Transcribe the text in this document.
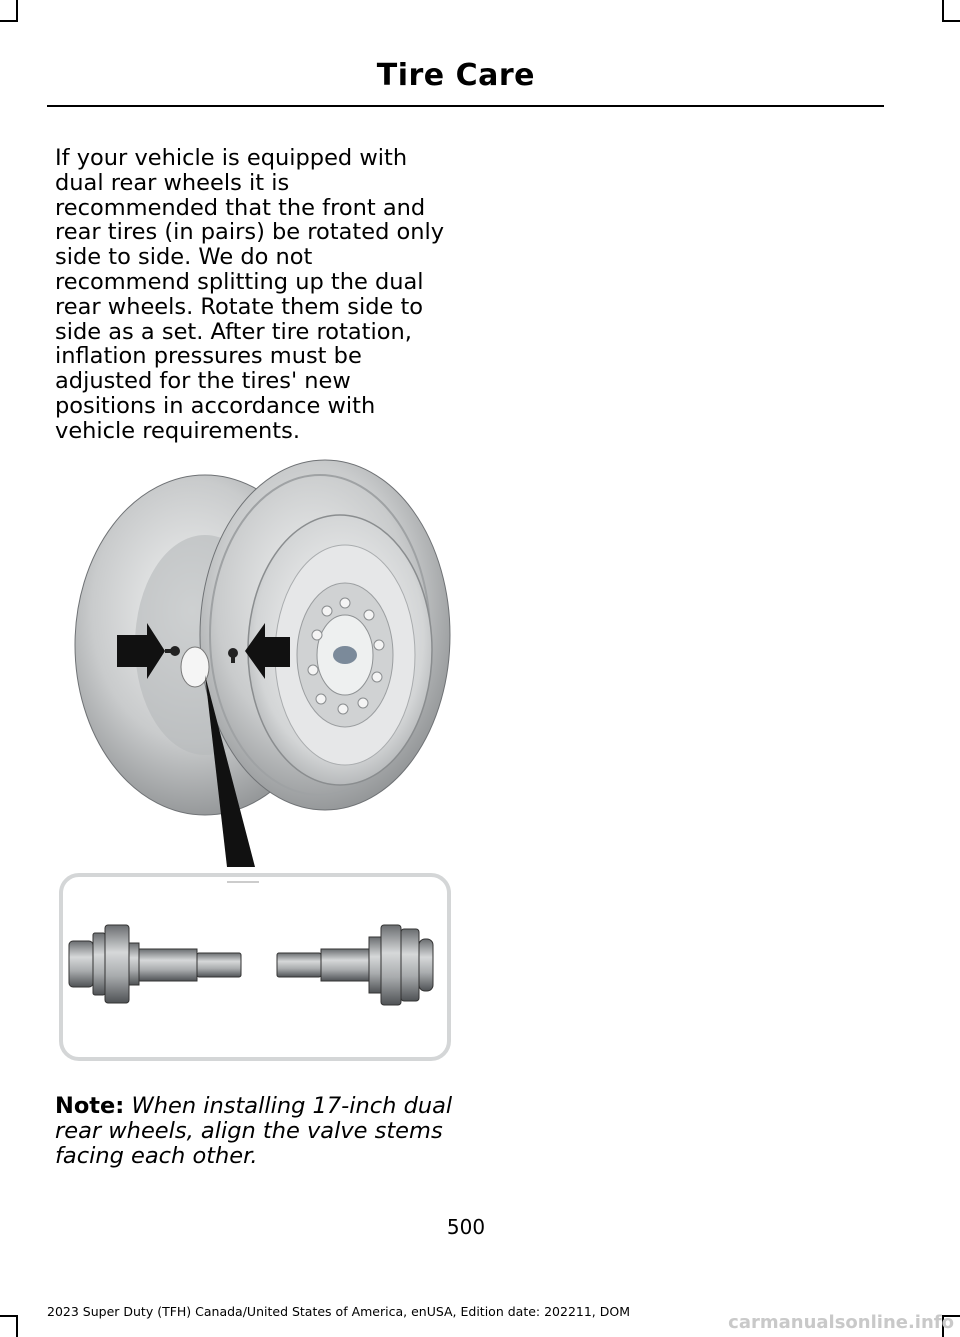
Tire Care

If your vehicle is equipped with
dual rear wheels it is
recommended that the front and
rear tires (in pairs) be rotated only
side to side. We do not
recommend splitting up the dual
rear wheels. Rotate them side to
side as a set. After tire rotation,
inflation pressures must be
adjusted for the tires' new
positions in accordance with
vehicle requirements.

Note: When installing 17-inch dual
rear wheels, align the valve stems
facing each other.

500
2023 Super Duty (TFH) Canada/United States of America, enUSA, Edition date: 202211, DOM
carmanualsonline.info
